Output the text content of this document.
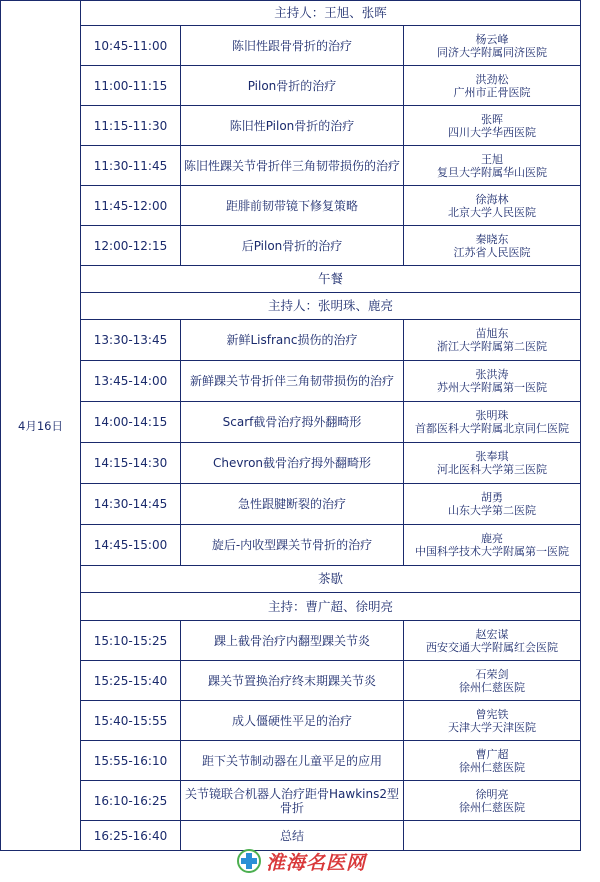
4月16日	主持人：王旭、张晖		
	10:45-11:00	陈旧性跟骨骨折的治疗	杨云峰
同济大学附属同济医院

	11:00-11:15	Pilon骨折的治疗	洪劲松
广州市正骨医院

	11:15-11:30	陈旧性Pilon骨折的治疗	张晖
四川大学华西医院

	11:30-11:45	陈旧性踝关节骨折伴三角韧带损伤的治疗	王旭
复旦大学附属华山医院

	11:45-12:00	距腓前韧带镜下修复策略	徐海林
北京大学人民医院

	12:00-12:15	后Pilon骨折的治疗	秦晓东
江苏省人民医院

	午餐		
	主持人：张明珠、鹿亮		
	13:30-13:45	新鲜Lisfranc损伤的治疗	苗旭东
浙江大学附属第二医院

	13:45-14:00	新鲜踝关节骨折伴三角韧带损伤的治疗	张洪涛
苏州大学附属第一医院

	14:00-14:15	Scarf截骨治疗拇外翻畸形	张明珠
首都医科大学附属北京同仁医院

	14:15-14:30	Chevron截骨治疗拇外翻畸形	张奉琪
河北医科大学第三医院

	14:30-14:45	急性跟腱断裂的治疗	胡勇
山东大学第二医院

	14:45-15:00	旋后-内收型踝关节骨折的治疗	鹿亮
中国科学技术大学附属第一医院

	茶歇		
	主持：曹广超、徐明亮		
	15:10-15:25	踝上截骨治疗内翻型踝关节炎	赵宏谋
西安交通大学附属红会医院

	15:25-15:40	踝关节置换治疗终末期踝关节炎	石荣剑
徐州仁慈医院

	15:40-15:55	成人僵硬性平足的治疗	曾宪铁
天津大学天津医院

	15:55-16:10	距下关节制动器在儿童平足的应用	曹广超
徐州仁慈医院

	16:10-16:25	关节镜联合机器人治疗距骨Hawkins2型骨折	徐明亮
徐州仁慈医院

	16:25-16:40	总结	
淮海名医网
